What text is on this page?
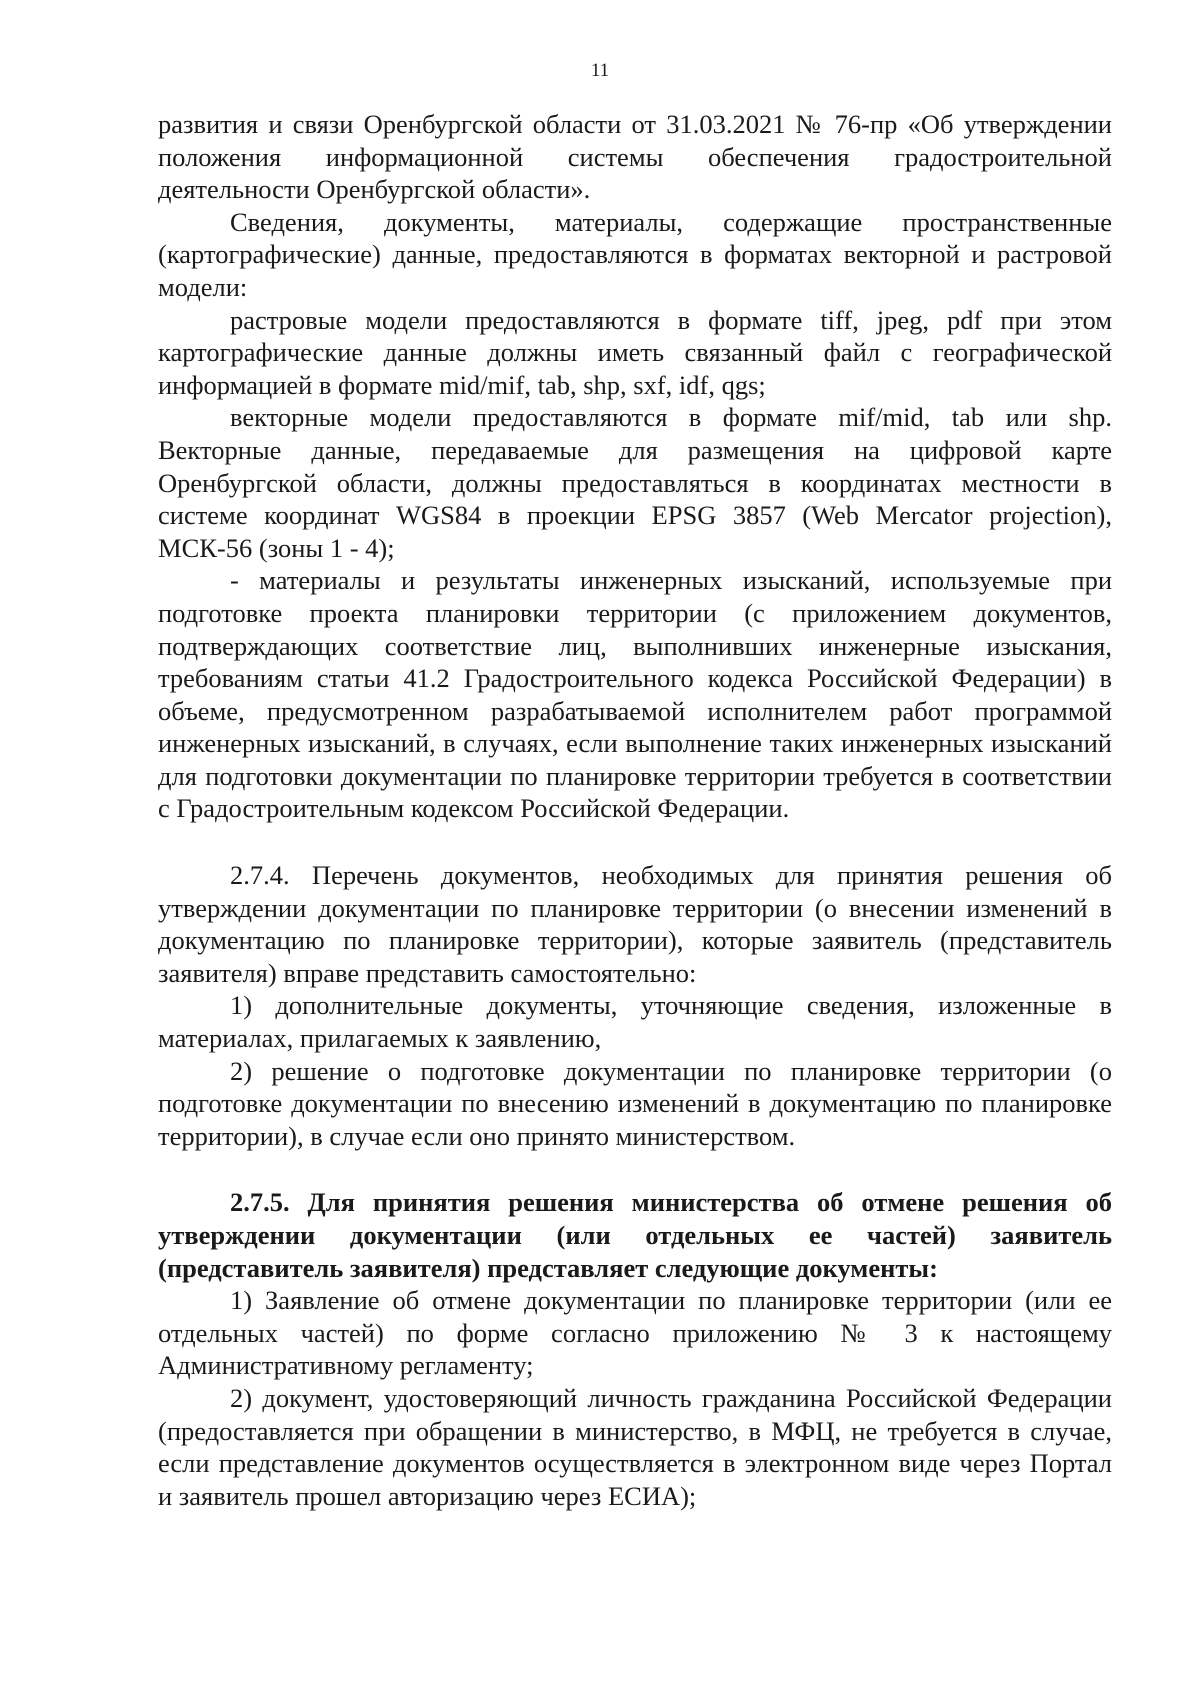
11

развития и связи Оренбургской области от 31.03.2021 № 76-пр «Об утверждении положения информационной системы обеспечения градостроительной деятельности Оренбургской области».

Сведения, документы, материалы, содержащие пространственные (картографические) данные, предоставляются в форматах векторной и растровой модели:

растровые модели предоставляются в формате tiff, jpeg, pdf при этом картографические данные должны иметь связанный файл с географической информацией в формате mid/mif, tab, shp, sxf, idf, qgs;

векторные модели предоставляются в формате mif/mid, tab или shp. Векторные данные, передаваемые для размещения на цифровой карте Оренбургской области, должны предоставляться в координатах местности в системе координат WGS84 в проекции EPSG 3857 (Web Mercator projection), МСК-56 (зоны 1 - 4);

- материалы и результаты инженерных изысканий, используемые при подготовке проекта планировки территории (с приложением документов, подтверждающих соответствие лиц, выполнивших инженерные изыскания, требованиям статьи 41.2 Градостроительного кодекса Российской Федерации) в объеме, предусмотренном разрабатываемой исполнителем работ программой инженерных изысканий, в случаях, если выполнение таких инженерных изысканий для подготовки документации по планировке территории требуется в соответствии с Градостроительным кодексом Российской Федерации.

2.7.4. Перечень документов, необходимых для принятия решения об утверждении документации по планировке территории (о внесении изменений в документацию по планировке территории), которые заявитель (представитель заявителя) вправе представить самостоятельно:

1) дополнительные документы, уточняющие сведения, изложенные в материалах, прилагаемых к заявлению,

2) решение о подготовке документации по планировке территории (о подготовке документации по внесению изменений в документацию по планировке территории), в случае если оно принято министерством.

2.7.5. Для принятия решения министерства об отмене решения об утверждении документации (или отдельных ее частей) заявитель (представитель заявителя) представляет следующие документы:

1) Заявление об отмене документации по планировке территории (или ее отдельных частей) по форме согласно приложению № 3 к настоящему Административному регламенту;

2) документ, удостоверяющий личность гражданина Российской Федерации (предоставляется при обращении в министерство, в МФЦ, не требуется в случае, если представление документов осуществляется в электронном виде через Портал и заявитель прошел авторизацию через ЕСИА);
